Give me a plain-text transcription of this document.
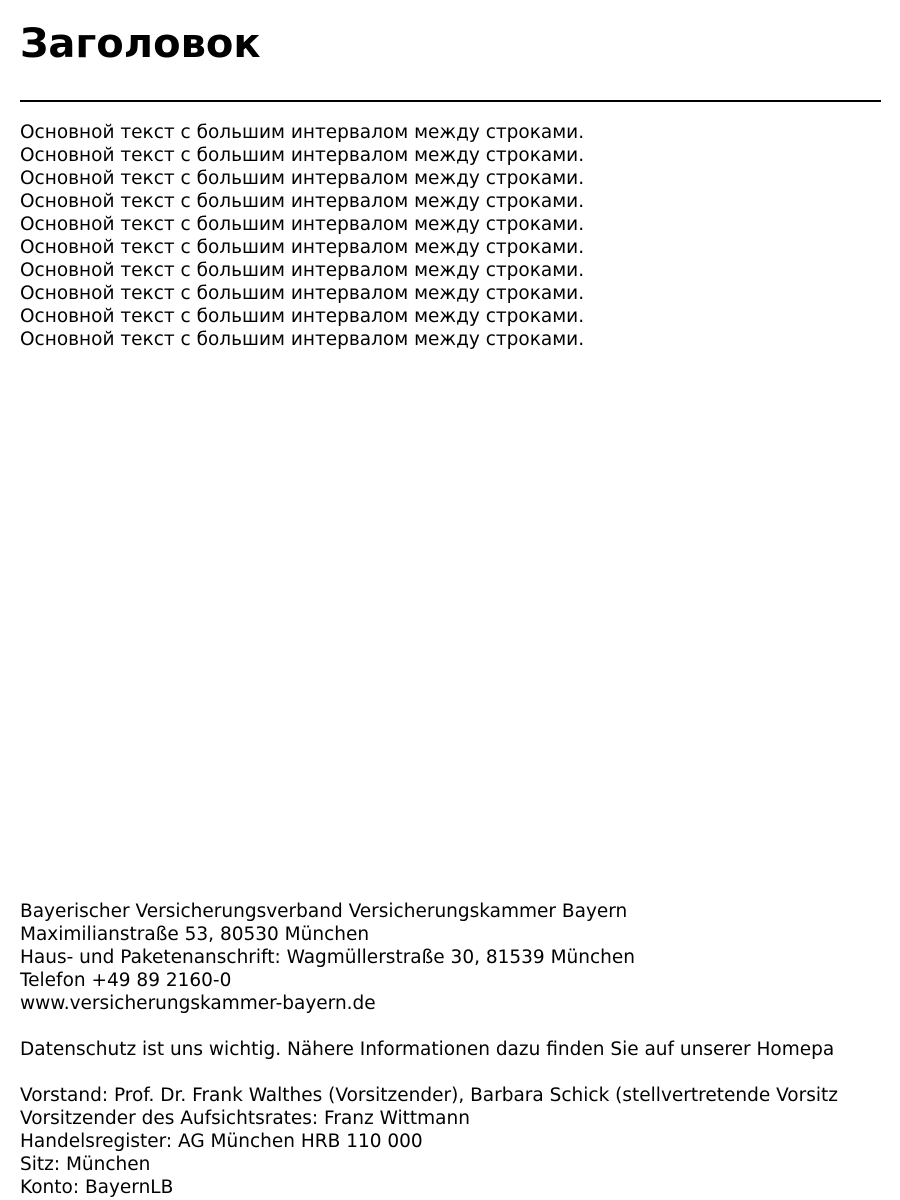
Заголовок
Основной текст с большим интервалом между строками.
Основной текст с большим интервалом между строками.
Основной текст с большим интервалом между строками.
Основной текст с большим интервалом между строками.
Основной текст с большим интервалом между строками.
Основной текст с большим интервалом между строками.
Основной текст с большим интервалом между строками.
Основной текст с большим интервалом между строками.
Основной текст с большим интервалом между строками.
Основной текст с большим интервалом между строками.
Bayerischer Versicherungsverband Versicherungskammer Bayern
Maximilianstraße 53, 80530 München
Haus- und Paketenanschrift: Wagmüllerstraße 30, 81539 München
Telefon +49 89 2160-0
www.versicherungskammer-bayern.de
Datenschutz ist uns wichtig. Nähere Informationen dazu finden Sie auf unserer Homepa
Vorstand: Prof. Dr. Frank Walthes (Vorsitzender), Barbara Schick (stellvertretende Vorsitz
Vorsitzender des Aufsichtsrates: Franz Wittmann
Handelsregister: AG München HRB 110 000
Sitz: München
Konto: BayernLB
